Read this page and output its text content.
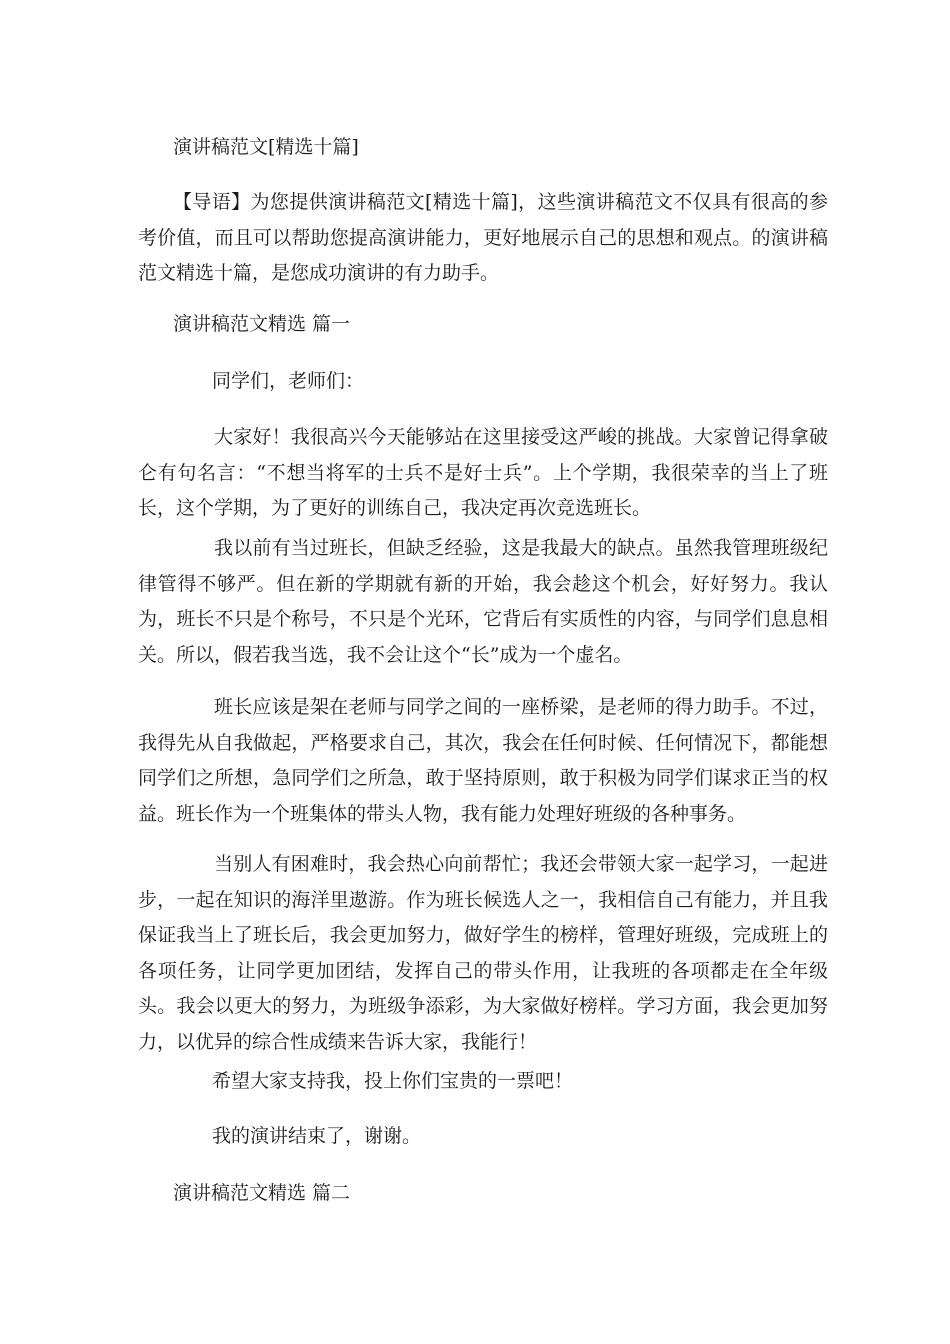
演讲稿范文[精选十篇]

【导语】为您提供演讲稿范文[精选十篇]，这些演讲稿范文不仅具有很高的参考价值，而且可以帮助您提高演讲能力，更好地展示自己的思想和观点。的演讲稿范文精选十篇，是您成功演讲的有力助手。

演讲稿范文精选 篇一

同学们，老师们：

大家好！我很高兴今天能够站在这里接受这严峻的挑战。大家曾记得拿破仑有句名言：“不想当将军的士兵不是好士兵”。上个学期，我很荣幸的当上了班长，这个学期，为了更好的训练自己，我决定再次竞选班长。

我以前有当过班长，但缺乏经验，这是我最大的缺点。虽然我管理班级纪律管得不够严。但在新的学期就有新的开始，我会趁这个机会，好好努力。我认为，班长不只是个称号，不只是个光环，它背后有实质性的内容，与同学们息息相关。所以，假若我当选，我不会让这个“长”成为一个虚名。

班长应该是架在老师与同学之间的一座桥梁，是老师的得力助手。不过，我得先从自我做起，严格要求自己，其次，我会在任何时候、任何情况下，都能想同学们之所想，急同学们之所急，敢于坚持原则，敢于积极为同学们谋求正当的权益。班长作为一个班集体的带头人物，我有能力处理好班级的各种事务。

当别人有困难时，我会热心向前帮忙；我还会带领大家一起学习，一起进步，一起在知识的海洋里遨游。作为班长候选人之一，我相信自己有能力，并且我保证我当上了班长后，我会更加努力，做好学生的榜样，管理好班级，完成班上的各项任务，让同学更加团结，发挥自己的带头作用，让我班的各项都走在全年级头。我会以更大的努力，为班级争添彩，为大家做好榜样。学习方面，我会更加努力，以优异的综合性成绩来告诉大家，我能行！

希望大家支持我，投上你们宝贵的一票吧！

我的演讲结束了，谢谢。

演讲稿范文精选 篇二
